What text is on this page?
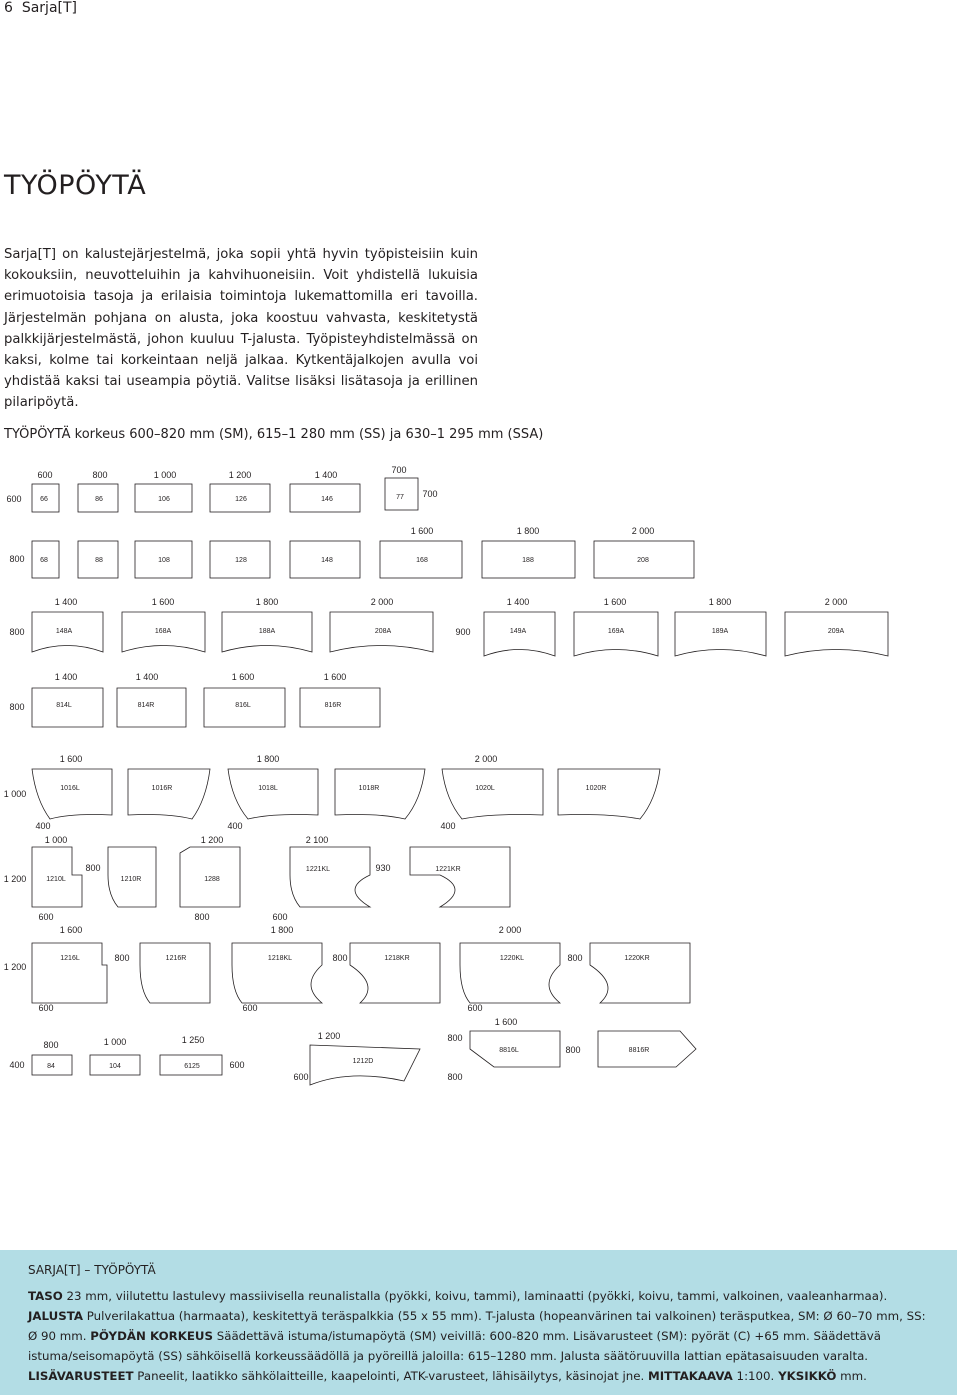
6 Sarja[T]
TYÖPÖYTÄ

Sarja[T] on kalustejärjestelmä, joka sopii yhtä hyvin työpisteisiin kuin kokouksiin, neuvotteluihin ja kahvihuoneisiin. Voit yhdistellä lukuisia erimuotoisia tasoja ja erilaisia toimintoja lukemattomilla eri tavoilla. Järjestelmän pohjana on alusta, joka koostuu vahvasta, keskitetystä palkkijärjestelmästä, johon kuuluu T-jalusta. Työpisteyhdistelmässä on kaksi, kolme tai korkeintaan neljä jalkaa. Kytkentäjalkojen avulla voi yhdistää kaksi tai useampia pöytiä. Valitse lisäksi lisätasoja ja erillinen pilaripöytä.

TYÖPÖYTÄ korkeus 600–820 mm (SM), 615–1 280 mm (SS) ja 630–1 295 mm (SSA)

600
600	800	1 000	1 200	1 400	700
700
66	86	106	126	146	77
800
1 600	1 800	2 000
68	88	108	128	148	168	188	208
800	900
1 400	1 600	1 800	2 000	1 400	1 600	1 800	2 000
148A	168A	188A	208A	149A	169A	189A	209A
800
1 400	1 400	1 600	1 600
814L	814R	816L	816R
1 000
1 600	1 800	2 000
1016L	1016R	1018L	1018R	1020L	1020R
1 200
400	400	400
1 000	1 200	2 100
800	930
1210L	1210R	1288
1221KL	1221KR
1 200
600	800	600
1 600	1 800	2 000
800	800	800
1216L	1216R	1218KL	1218KR	1220KL	1220KR
400
800	1 000	1 250
84	104	6125
600	600
600
1 200
1212D
600
1 600
800
800
800
600
8816L	8816R
SARJA[T] – TYÖPÖYTÄ

TASO 23 mm, viilutettu lastulevy massiivisella reunalistalla (pyökki, koivu, tammi), laminaatti (pyökki, koivu, tammi, valkoinen, vaaleanharmaa). JALUSTA Pulverilakattua (harmaata), keskitettyä teräspalkkia (55 x 55 mm). T-jalusta (hopeanvärinen tai valkoinen) teräsputkea, SM: Ø 60–70 mm, SS: Ø 90 mm. PÖYDÄN KORKEUS Säädettävä istuma/istumapöytä (SM) veivillä: 600-820 mm. Lisävarusteet (SM): pyörät (C) +65 mm. Säädettävä istuma/seisomapöytä (SS) sähköisellä korkeussäädöllä ja pyöreillä jaloilla: 615–1280 mm. Jalusta säätöruuvilla lattian epätasaisuuden varalta. LISÄVARUSTEET Paneelit, laatikko sähkölaitteille, kaapelointi, ATK-varusteet, lähisäilytys, käsinojat jne. MITTAKAAVA 1:100. YKSIKKÖ mm.
